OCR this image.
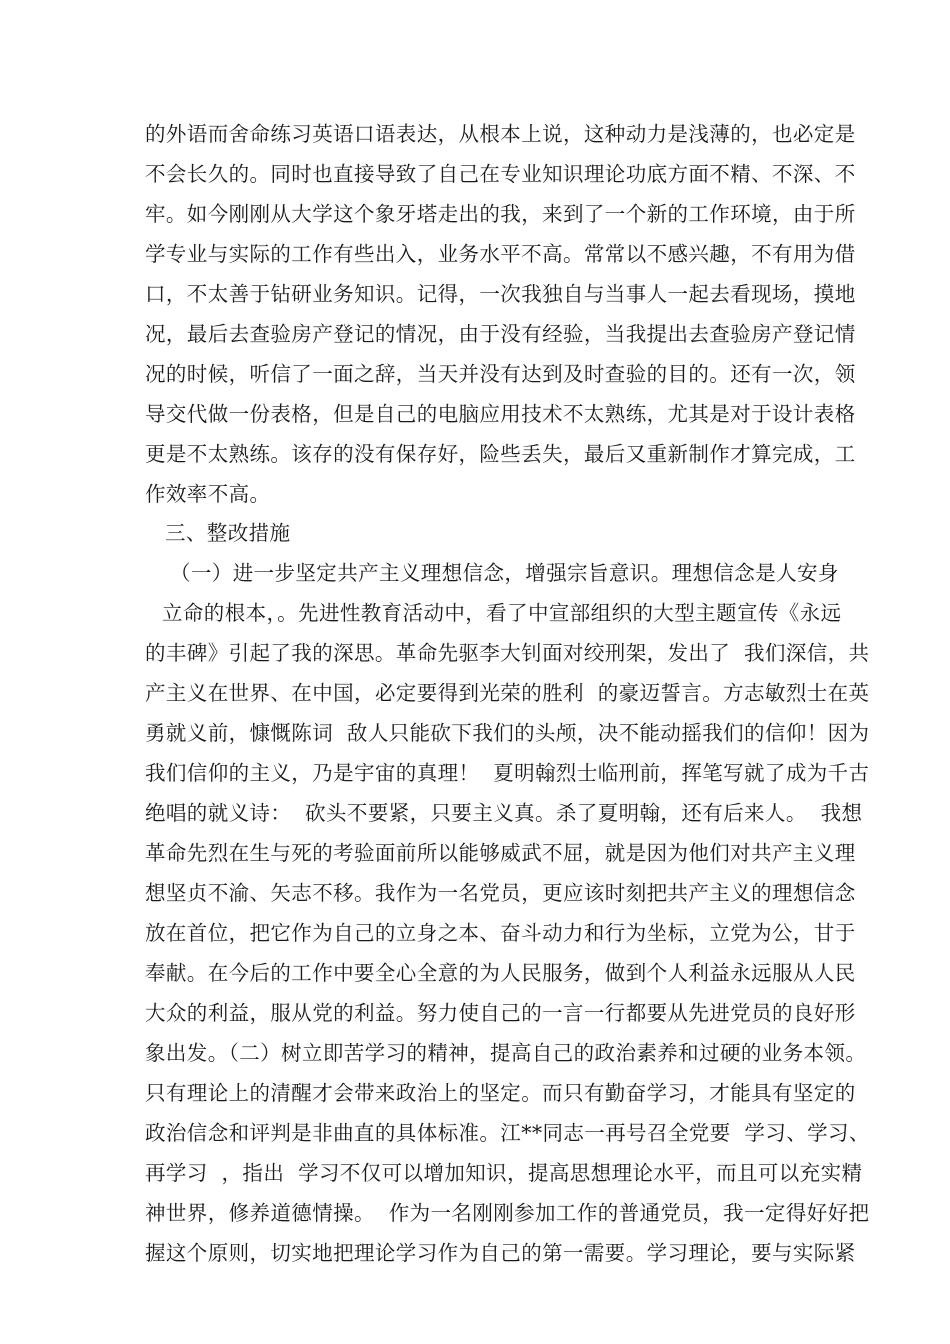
的外语而舍命练习英语口语表达，从根本上说，这种动力是浅薄的，也必定是
不会长久的。同时也直接导致了自己在专业知识理论功底方面不精、不深、不
牢。如今刚刚从大学这个象牙塔走出的我，来到了一个新的工作环境，由于所
学专业与实际的工作有些出入，业务水平不高。常常以不感兴趣，不有用为借
口，不太善于钻研业务知识。记得，一次我独自与当事人一起去看现场，摸地
况，最后去查验房产登记的情况，由于没有经验，当我提出去查验房产登记情
况的时候，听信了一面之辞，当天并没有达到及时查验的目的。还有一次，领
导交代做一份表格，但是自己的电脑应用技术不太熟练，尤其是对于设计表格
更是不太熟练。该存的没有保存好，险些丢失，最后又重新制作才算完成，工
作效率不高。
三、整改措施
（一）进一步坚定共产主义理想信念，增强宗旨意识。理想信念是人安身
立命的根本，。先进性教育活动中，看了中宣部组织的大型主题宣传《永远
的丰碑》引起了我的深思。革命先驱李大钊面对绞刑架，发出了  我们深信，共
产主义在世界、在中国，必定要得到光荣的胜利  的豪迈誓言。方志敏烈士在英
勇就义前，慷慨陈词  敌人只能砍下我们的头颅，决不能动摇我们的信仰！因为
我们信仰的主义，乃是宇宙的真理！  夏明翰烈士临刑前，挥笔写就了成为千古
绝唱的就义诗：  砍头不要紧，只要主义真。杀了夏明翰，还有后来人。  我想
革命先烈在生与死的考验面前所以能够威武不屈，就是因为他们对共产主义理
想坚贞不渝、矢志不移。我作为一名党员，更应该时刻把共产主义的理想信念
放在首位，把它作为自己的立身之本、奋斗动力和行为坐标，立党为公，甘于
奉献。在今后的工作中要全心全意的为人民服务，做到个人利益永远服从人民
大众的利益，服从党的利益。努力使自己的一言一行都要从先进党员的良好形
象出发。（二）树立即苦学习的精神，提高自己的政治素养和过硬的业务本领。
只有理论上的清醒才会带来政治上的坚定。而只有勤奋学习，才能具有坚定的
政治信念和评判是非曲直的具体标准。江**同志一再号召全党要  学习、学习、
再学习  ，指出  学习不仅可以增加知识，提高思想理论水平，而且可以充实精
神世界，修养道德情操。  作为一名刚刚参加工作的普通党员，我一定得好好把
握这个原则，切实地把理论学习作为自己的第一需要。学习理论，要与实际紧
